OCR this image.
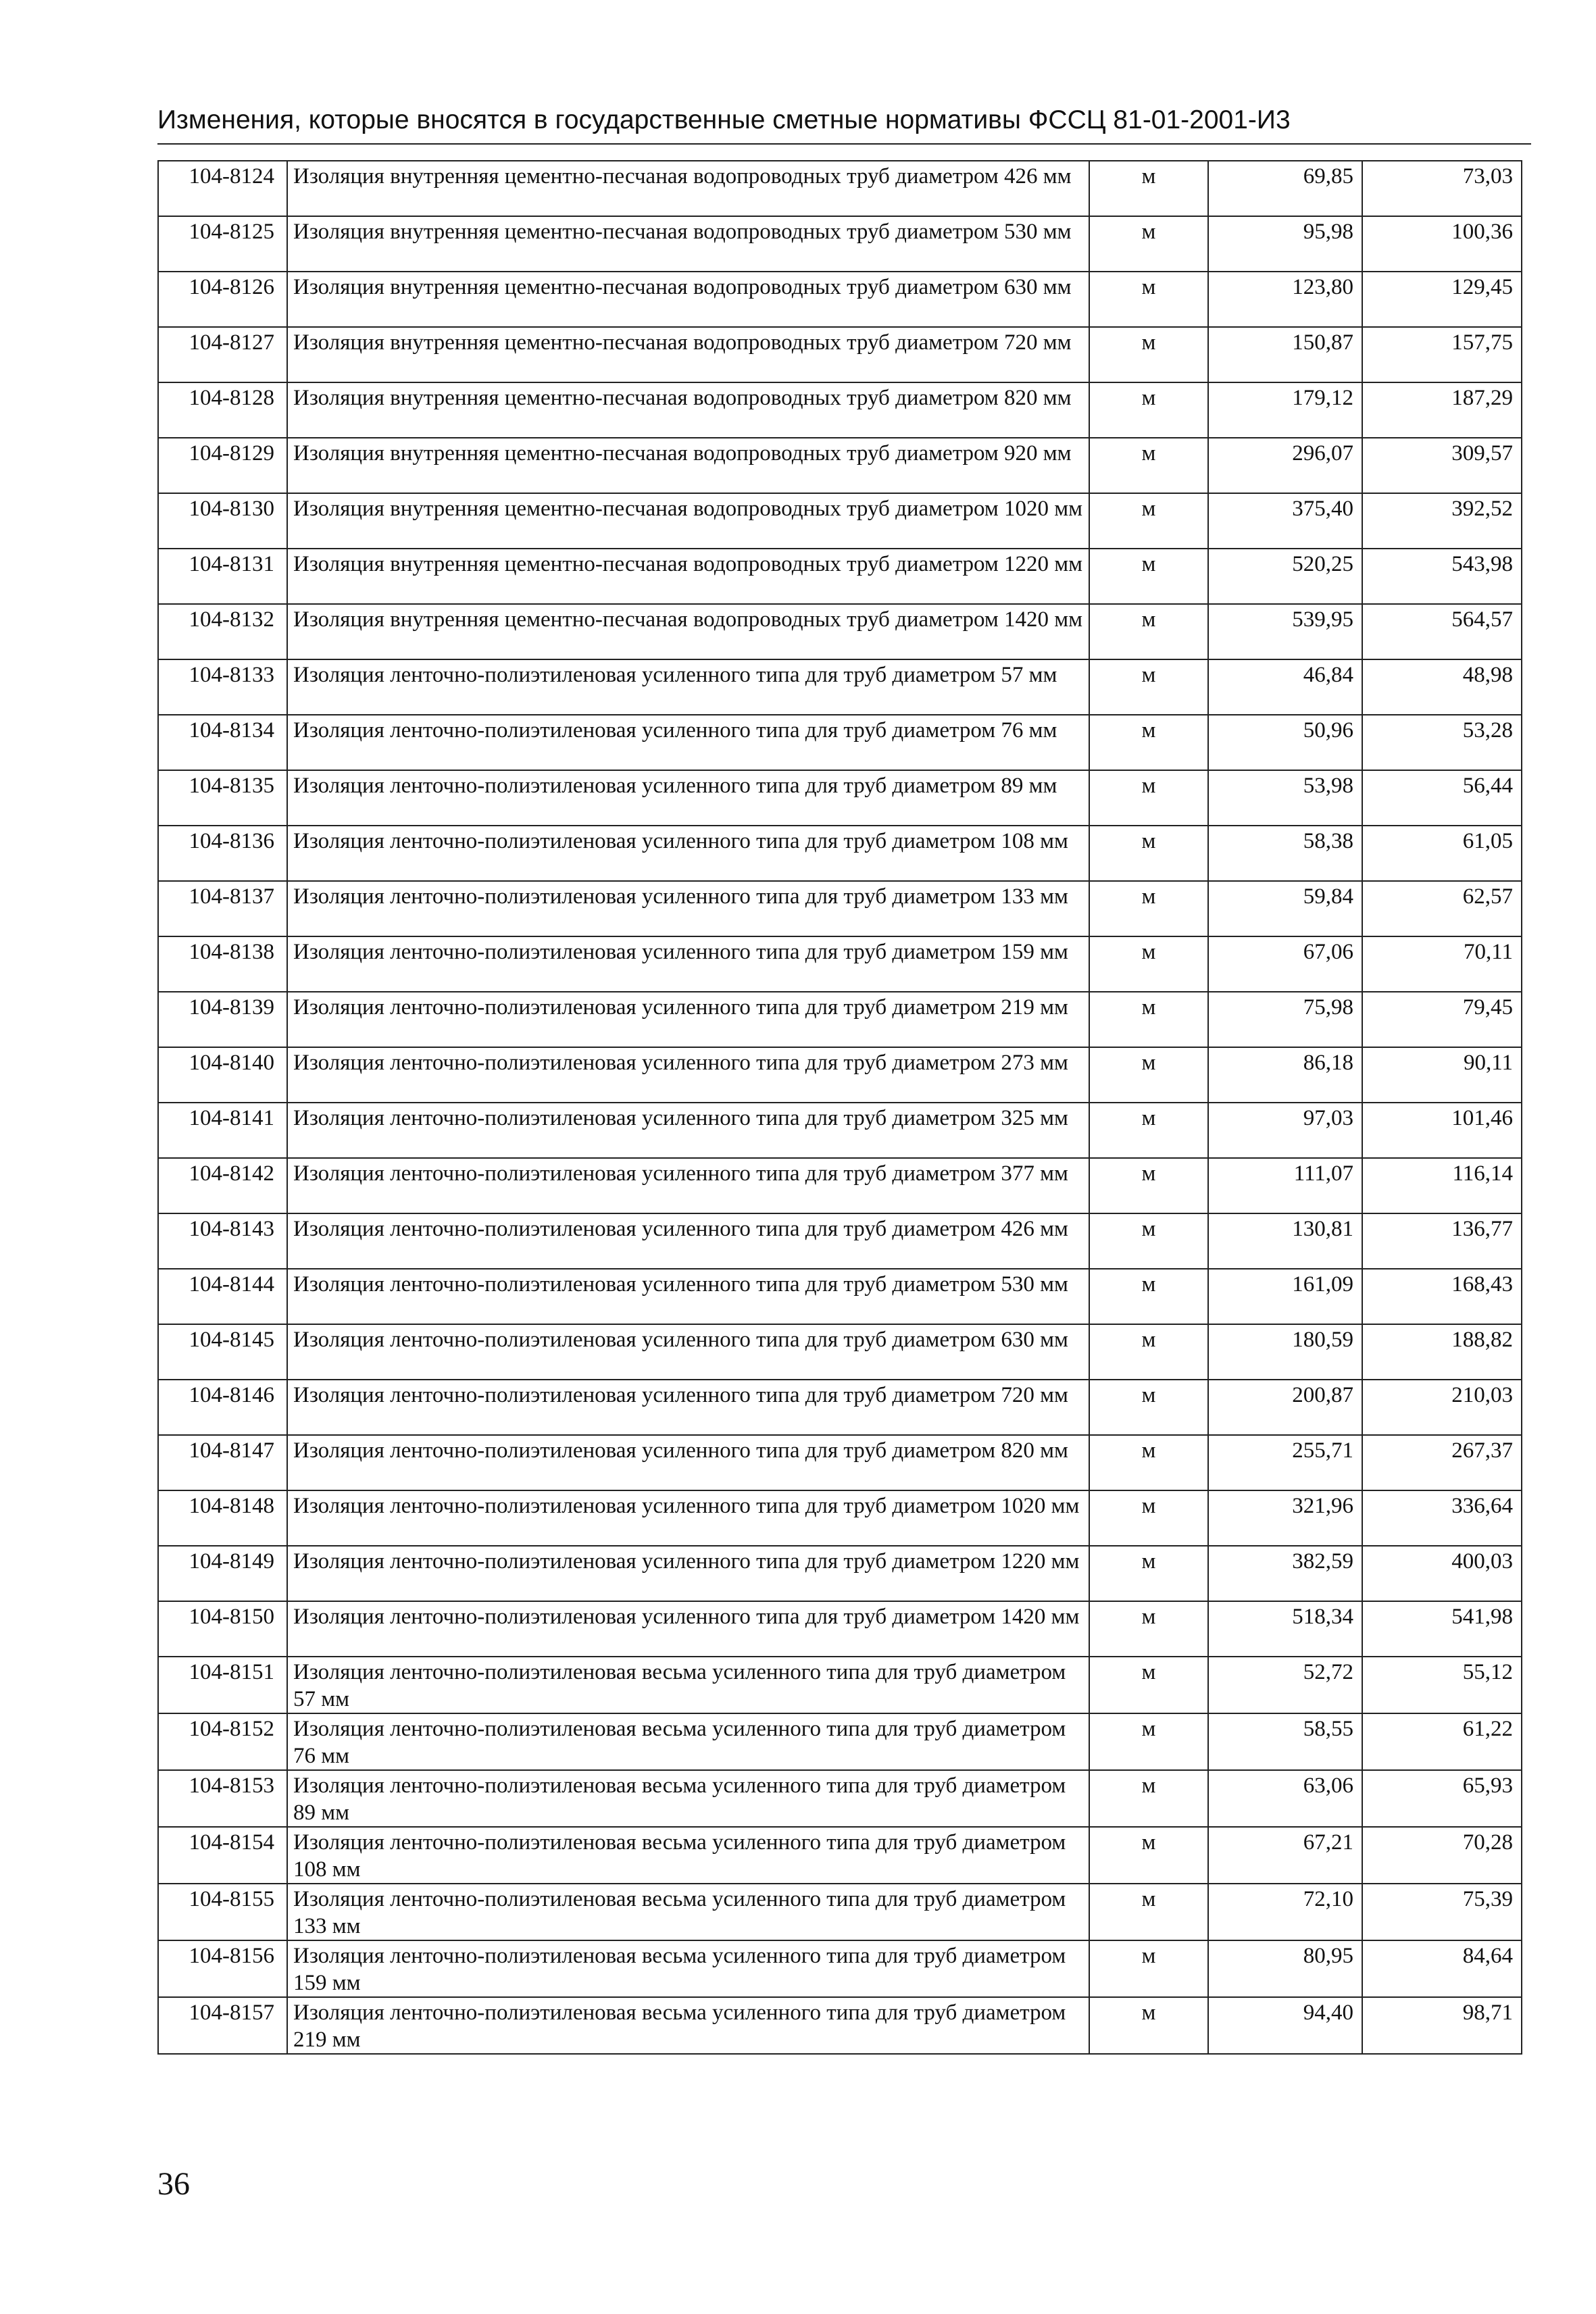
Изменения, которые вносятся в государственные сметные нормативы ФССЦ 81-01-2001-И3
104-8124	Изоляция внутренняя цементно-песчаная водопроводных труб диаметром 426 мм	м	69,85	73,03
104-8125	Изоляция внутренняя цементно-песчаная водопроводных труб диаметром 530 мм	м	95,98	100,36
104-8126	Изоляция внутренняя цементно-песчаная водопроводных труб диаметром 630 мм	м	123,80	129,45
104-8127	Изоляция внутренняя цементно-песчаная водопроводных труб диаметром 720 мм	м	150,87	157,75
104-8128	Изоляция внутренняя цементно-песчаная водопроводных труб диаметром 820 мм	м	179,12	187,29
104-8129	Изоляция внутренняя цементно-песчаная водопроводных труб диаметром 920 мм	м	296,07	309,57
104-8130	Изоляция внутренняя цементно-песчаная водопроводных труб диаметром 1020 мм	м	375,40	392,52
104-8131	Изоляция внутренняя цементно-песчаная водопроводных труб диаметром 1220 мм	м	520,25	543,98
104-8132	Изоляция внутренняя цементно-песчаная водопроводных труб диаметром 1420 мм	м	539,95	564,57
104-8133	Изоляция ленточно-полиэтиленовая усиленного типа для труб диаметром 57 мм	м	46,84	48,98
104-8134	Изоляция ленточно-полиэтиленовая усиленного типа для труб диаметром 76 мм	м	50,96	53,28
104-8135	Изоляция ленточно-полиэтиленовая усиленного типа для труб диаметром 89 мм	м	53,98	56,44
104-8136	Изоляция ленточно-полиэтиленовая усиленного типа для труб диаметром 108 мм	м	58,38	61,05
104-8137	Изоляция ленточно-полиэтиленовая усиленного типа для труб диаметром 133 мм	м	59,84	62,57
104-8138	Изоляция ленточно-полиэтиленовая усиленного типа для труб диаметром 159 мм	м	67,06	70,11
104-8139	Изоляция ленточно-полиэтиленовая усиленного типа для труб диаметром 219 мм	м	75,98	79,45
104-8140	Изоляция ленточно-полиэтиленовая усиленного типа для труб диаметром 273 мм	м	86,18	90,11
104-8141	Изоляция ленточно-полиэтиленовая усиленного типа для труб диаметром 325 мм	м	97,03	101,46
104-8142	Изоляция ленточно-полиэтиленовая усиленного типа для труб диаметром 377 мм	м	111,07	116,14
104-8143	Изоляция ленточно-полиэтиленовая усиленного типа для труб диаметром 426 мм	м	130,81	136,77
104-8144	Изоляция ленточно-полиэтиленовая усиленного типа для труб диаметром 530 мм	м	161,09	168,43
104-8145	Изоляция ленточно-полиэтиленовая усиленного типа для труб диаметром 630 мм	м	180,59	188,82
104-8146	Изоляция ленточно-полиэтиленовая усиленного типа для труб диаметром 720 мм	м	200,87	210,03
104-8147	Изоляция ленточно-полиэтиленовая усиленного типа для труб диаметром 820 мм	м	255,71	267,37
104-8148	Изоляция ленточно-полиэтиленовая усиленного типа для труб диаметром 1020 мм	м	321,96	336,64
104-8149	Изоляция ленточно-полиэтиленовая усиленного типа для труб диаметром 1220 мм	м	382,59	400,03
104-8150	Изоляция ленточно-полиэтиленовая усиленного типа для труб диаметром 1420 мм	м	518,34	541,98
104-8151	Изоляция ленточно-полиэтиленовая весьма усиленного типа для труб диаметром 57 мм	м	52,72	55,12
104-8152	Изоляция ленточно-полиэтиленовая весьма усиленного типа для труб диаметром 76 мм	м	58,55	61,22
104-8153	Изоляция ленточно-полиэтиленовая весьма усиленного типа для труб диаметром 89 мм	м	63,06	65,93
104-8154	Изоляция ленточно-полиэтиленовая весьма усиленного типа для труб диаметром 108 мм	м	67,21	70,28
104-8155	Изоляция ленточно-полиэтиленовая весьма усиленного типа для труб диаметром 133 мм	м	72,10	75,39
104-8156	Изоляция ленточно-полиэтиленовая весьма усиленного типа для труб диаметром 159 мм	м	80,95	84,64
104-8157	Изоляция ленточно-полиэтиленовая весьма усиленного типа для труб диаметром 219 мм	м	94,40	98,71
36
